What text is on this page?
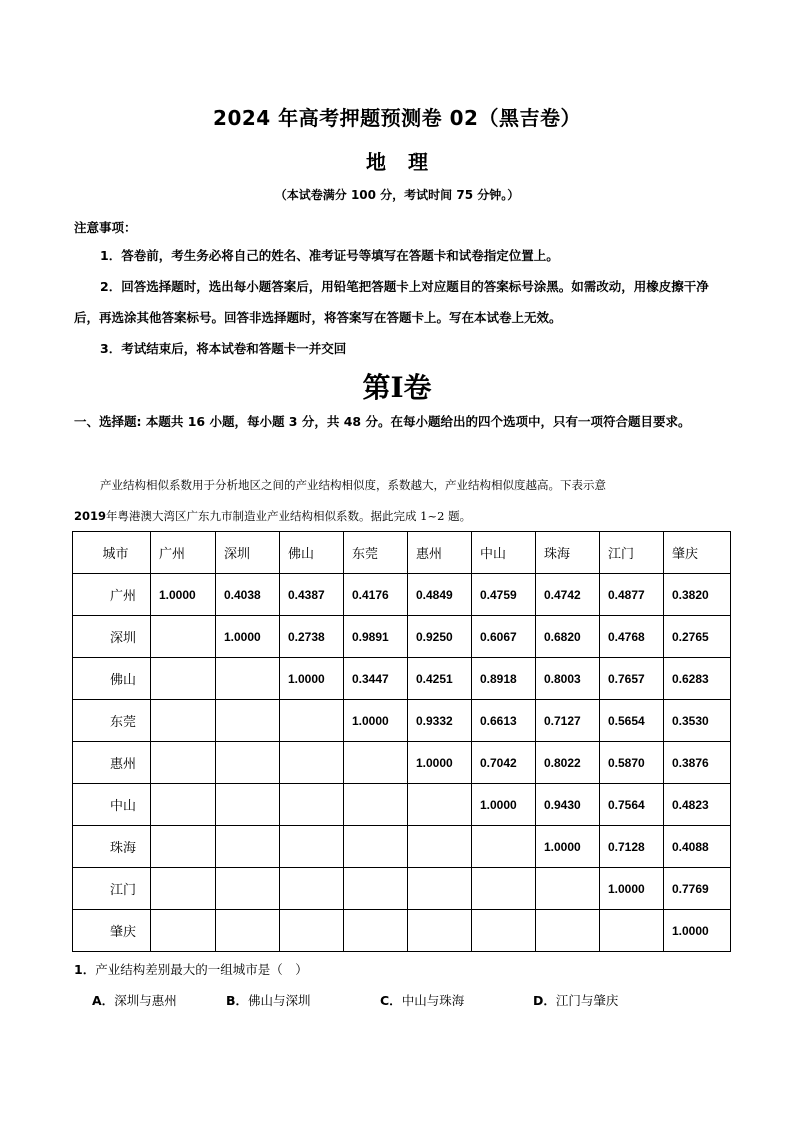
2024 年高考押题预测卷 02（黑吉卷）
地理
（本试卷满分 100 分，考试时间 75 分钟。）
注意事项：
1．答卷前，考生务必将自己的姓名、准考证号等填写在答题卡和试卷指定位置上。
2．回答选择题时，选出每小题答案后，用铅笔把答题卡上对应题目的答案标号涂黑。如需改动，用橡皮擦干净后，再选涂其他答案标号。回答非选择题时，将答案写在答题卡上。写在本试卷上无效。
3．考试结束后，将本试卷和答题卡一并交回
第Ⅰ卷
一、选择题: 本题共 16 小题，每小题 3 分，共 48 分。在每小题给出的四个选项中，只有一项符合题目要求。
产业结构相似系数用于分析地区之间的产业结构相似度，系数越大，产业结构相似度越高。下表示意
2019年粤港澳大湾区广东九市制造业产业结构相似系数。据此完成 1~2 题。
城市	广州	深圳	佛山	东莞	惠州	中山	珠海	江门	肇庆
广州	1.0000	0.4038	0.4387	0.4176	0.4849	0.4759	0.4742	0.4877	0.3820
深圳		1.0000	0.2738	0.9891	0.9250	0.6067	0.6820	0.4768	0.2765
佛山			1.0000	0.3447	0.4251	0.8918	0.8003	0.7657	0.6283
东莞				1.0000	0.9332	0.6613	0.7127	0.5654	0.3530
惠州					1.0000	0.7042	0.8022	0.5870	0.3876
中山						1.0000	0.9430	0.7564	0.4823
珠海							1.0000	0.7128	0.4088
江门								1.0000	0.7769
肇庆									1.0000
1．产业结构差别最大的一组城市是（　）
A．深圳与惠州	B．佛山与深圳	C．中山与珠海	D．江门与肇庆
